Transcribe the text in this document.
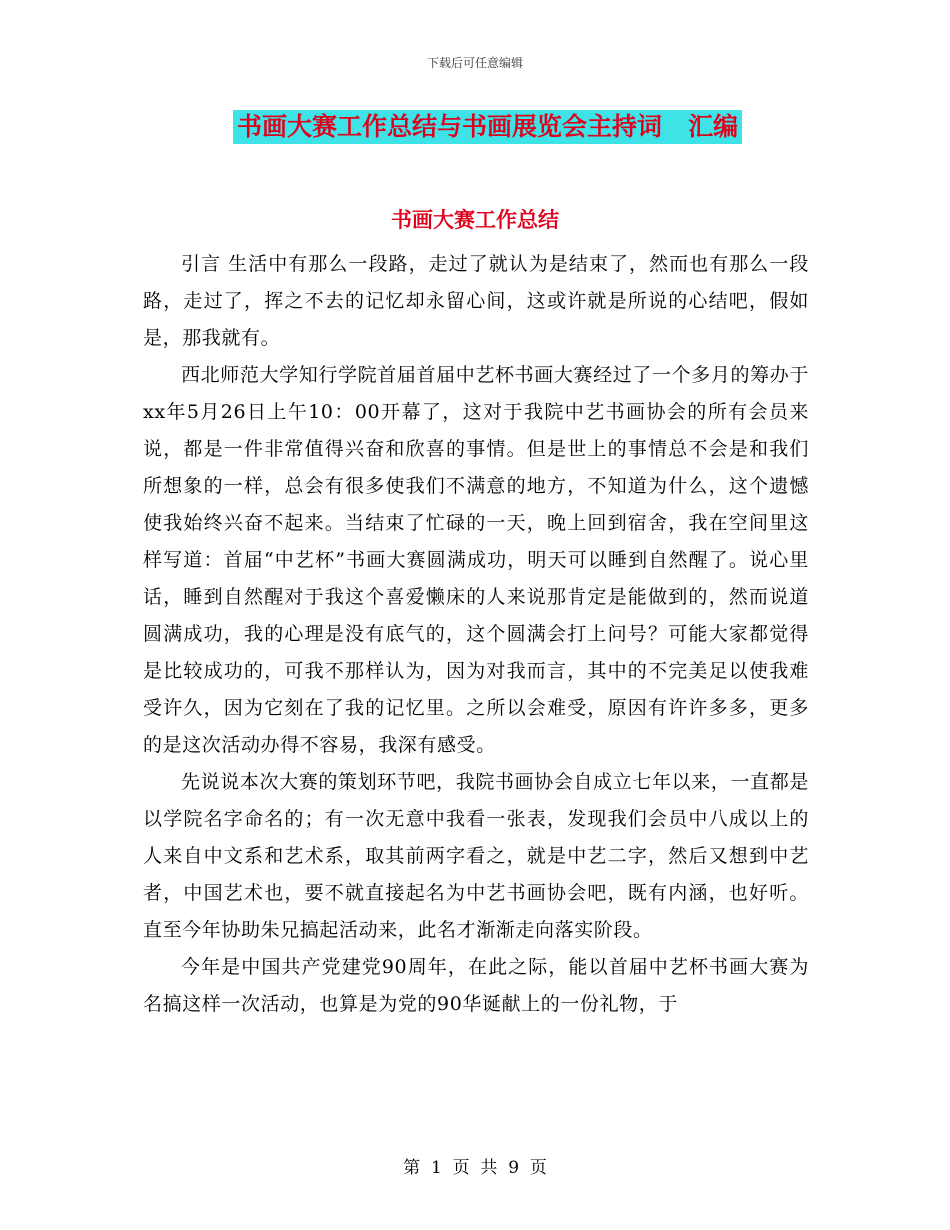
下载后可任意编辑
书画大赛工作总结与书画展览会主持词   汇编
书画大赛工作总结

引言 生活中有那么一段路，走过了就认为是结束了，然而也有那么一段路，走过了，挥之不去的记忆却永留心间，这或许就是所说的心结吧，假如是，那我就有。

西北师范大学知行学院首届首届中艺杯书画大赛经过了一个多月的筹办于xx年5月26日上午10：00开幕了，这对于我院中艺书画协会的所有会员来说，都是一件非常值得兴奋和欣喜的事情。但是世上的事情总不会是和我们所想象的一样，总会有很多使我们不满意的地方，不知道为什么，这个遗憾使我始终兴奋不起来。当结束了忙碌的一天，晚上回到宿舍，我在空间里这样写道：首届“中艺杯”书画大赛圆满成功，明天可以睡到自然醒了。说心里话，睡到自然醒对于我这个喜爱懒床的人来说那肯定是能做到的，然而说道圆满成功，我的心理是没有底气的，这个圆满会打上问号？可能大家都觉得是比较成功的，可我不那样认为，因为对我而言，其中的不完美足以使我难受许久，因为它刻在了我的记忆里。之所以会难受，原因有许许多多，更多的是这次活动办得不容易，我深有感受。

先说说本次大赛的策划环节吧，我院书画协会自成立七年以来，一直都是以学院名字命名的；有一次无意中我看一张表，发现我们会员中八成以上的人来自中文系和艺术系，取其前两字看之，就是中艺二字，然后又想到中艺者，中国艺术也，要不就直接起名为中艺书画协会吧，既有内涵，也好听。直至今年协助朱兄搞起活动来，此名才渐渐走向落实阶段。

今年是中国共产党建党90周年，在此之际，能以首届中艺杯书画大赛为名搞这样一次活动，也算是为党的90华诞献上的一份礼物，于

第  1  页  共  9  页
